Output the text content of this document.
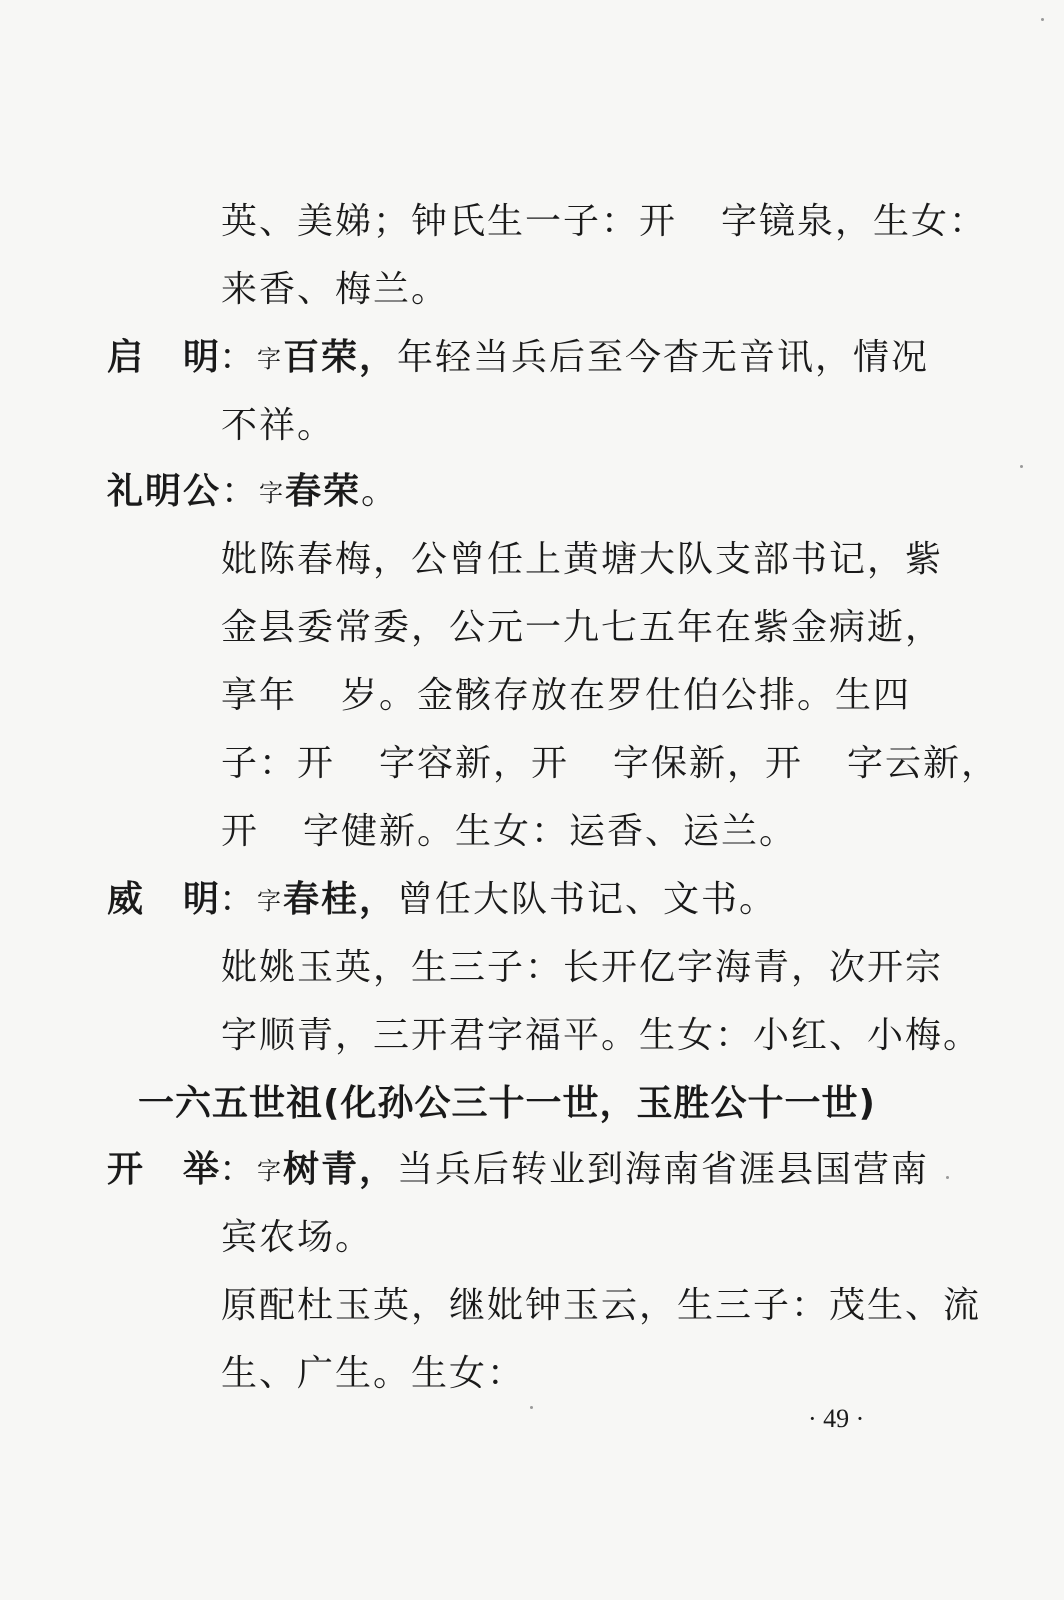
英、美娣；钟氏生一子：开 字镜泉，生女：
来香、梅兰。
启 明：字百荣，年轻当兵后至今杳无音讯，情况
不祥。
礼明公：字春荣。
妣陈春梅，公曾任上黄塘大队支部书记，紫
金县委常委，公元一九七五年在紫金病逝，
享年 岁。金骸存放在罗仕伯公排。生四
子：开 字容新，开 字保新，开 字云新，
开 字健新。生女：运香、运兰。
威 明：字春桂，曾任大队书记、文书。
妣姚玉英，生三子：长开亿字海青，次开宗
字顺青，三开君字福平。生女：小红、小梅。
一六五世祖(化孙公三十一世，玉胜公十一世)
开 举：字树青，当兵后转业到海南省涯县国营南
宾农场。
原配杜玉英，继妣钟玉云，生三子：茂生、流
生、广生。生女：
· 49 ·
